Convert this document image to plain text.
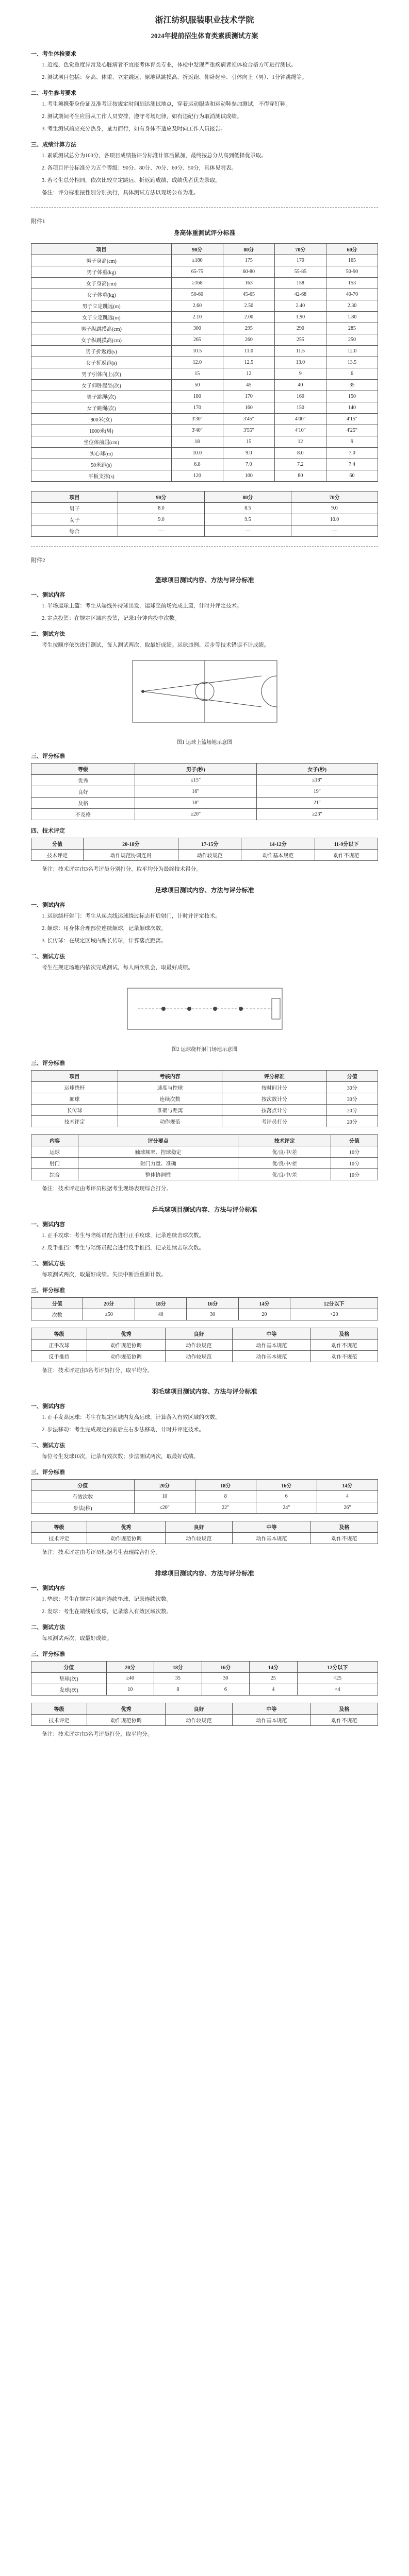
浙江纺织服装职业技术学院
2024年提前招生体育类素质测试方案
一、考生体检要求

1. 近视、色觉重度异常及心脏病者不宜报考体育类专业，体检中发现严重疾病者须体检合格方可进行测试。

2. 测试项目包括：身高、体重、立定跳远、原地纵跳摸高、折返跑、仰卧起坐、引体向上（男）、1分钟跳绳等。

二、考生参考要求

1. 考生须携带身份证及准考证按规定时间到达测试地点，穿着运动服装和运动鞋参加测试，不得穿钉鞋。

2. 测试期间考生应服从工作人员安排，遵守考场纪律，如有违纪行为取消测试成绩。

3. 考生测试前应充分热身，量力而行，如有身体不适应及时向工作人员报告。

三、成绩计算方法

1. 素质测试总分为100分，各项目成绩按评分标准计算后累加，最终按总分从高到低择优录取。

2. 各项目评分标准分为五个等级：90分、80分、70分、60分、50分，具体见附表。

3. 若考生总分相同，依次比较立定跳远、折返跑成绩，成绩优者优先录取。

备注：评分标准按性别分别执行，具体测试方法以现场公布为准。

附件1
身高体重测试评分标准
项目	90分	80分	70分	60分
男子身高(cm)	≥180	175	170	165
男子体重(kg)	65-75	60-80	55-85	50-90
女子身高(cm)	≥168	163	158	153
女子体重(kg)	50-60	45-65	42-68	40-70
男子立定跳远(m)	2.60	2.50	2.40	2.30
女子立定跳远(m)	2.10	2.00	1.90	1.80
男子纵跳摸高(cm)	300	295	290	285
女子纵跳摸高(cm)	265	260	255	250
男子折返跑(s)	10.5	11.0	11.5	12.0
女子折返跑(s)	12.0	12.5	13.0	13.5
男子引体向上(次)	15	12	9	6
女子仰卧起坐(次)	50	45	40	35
男子跳绳(次)	180	170	160	150
女子跳绳(次)	170	160	150	140
800米(女)	3'30"	3'45"	4'00"	4'15"
1000米(男)	3'40"	3'55"	4'10"	4'25"
坐位体前屈(cm)	18	15	12	9
实心球(m)	10.0	9.0	8.0	7.0
50米跑(s)	6.8	7.0	7.2	7.4
平板支撑(s)	120	100	80	60
项目	90分	80分	70分
男子	8.0	8.5	9.0
女子	9.0	9.5	10.0
综合	—	—	—
附件2
篮球项目测试内容、方法与评分标准
一、测试内容

1. 半场运球上篮：考生从端线外持球出发，运球至前场完成上篮，计时并评定技术。

2. 定点投篮：在规定区域内投篮，记录1分钟内投中次数。

二、测试方法

考生按顺序依次进行测试，每人测试两次，取最好成绩。运球违例、走步等技术错误不计成绩。

图1 运球上篮场地示意图
三、评分标准
等级	男子(秒)	女子(秒)
优秀	≤15"	≤18"
良好	16"	19"
及格	18"	21"
不及格	≥20"	≥23"
四、技术评定
分值	20-18分	17-15分	14-12分	11-9分以下
技术评定	动作规范协调连贯	动作较规范	动作基本规范	动作不规范

备注：技术评定由3名考评员分别打分，取平均分为最终技术得分。

足球项目测试内容、方法与评分标准
一、测试内容

1. 运球绕杆射门：考生从起点线运球绕过标志杆后射门，计时并评定技术。

2. 颠球：用身体合理部位连续颠球，记录颠球次数。

3. 长传球：在规定区域内踢长传球，计算落点距离。

二、测试方法

考生在规定场地内依次完成测试，每人两次机会，取最好成绩。

图2 运球绕杆射门场地示意图
三、评分标准
项目	考核内容	评分标准	分值
运球绕杆	速度与控球	按时间计分	30分
颠球	连续次数	按次数计分	30分
长传球	准确与距离	按落点计分	20分
技术评定	动作规范	考评员打分	20分
内容	评分要点	技术评定	分值
运球	触球频率、控球稳定	优/良/中/差	10分
射门	射门力量、准确	优/良/中/差	10分
综合	整体协调性	优/良/中/差	10分

备注：技术评定由考评员根据考生现场表现综合打分。

乒乓球项目测试内容、方法与评分标准
一、测试内容

1. 正手攻球：考生与陪练员配合进行正手攻球，记录连续击球次数。

2. 反手推挡：考生与陪练员配合进行反手推挡，记录连续击球次数。

二、测试方法

每项测试两次，取最好成绩。失误中断后重新计数。

三、评分标准
分值	20分	18分	16分	14分	12分以下
次数	≥50	40	30	20	<20
等级	优秀	良好	中等	及格
正手攻球	动作规范协调	动作较规范	动作基本规范	动作不规范
反手推挡	动作规范协调	动作较规范	动作基本规范	动作不规范

备注：技术评定由3名考评员打分，取平均分。

羽毛球项目测试内容、方法与评分标准
一、测试内容

1. 正手发高远球：考生在规定区域内发高远球，计算落入有效区域的次数。

2. 步法移动：考生完成规定的前后左右步法移动，计时并评定技术。

二、测试方法

每位考生发球10次，记录有效次数；步法测试两次，取最好成绩。

三、评分标准
分值	20分	18分	16分	14分
有效次数	10	8	6	4
步法(秒)	≤20"	22"	24"	26"
等级	优秀	良好	中等	及格
技术评定	动作规范协调	动作较规范	动作基本规范	动作不规范

备注：技术评定由考评员根据考生表现综合打分。

排球项目测试内容、方法与评分标准
一、测试内容

1. 垫球：考生在规定区域内连续垫球，记录连续次数。

2. 发球：考生在端线后发球，记录落入有效区域次数。

二、测试方法

每项测试两次，取最好成绩。

三、评分标准
分值	20分	18分	16分	14分	12分以下
垫球(次)	≥40	35	30	25	<25
发球(次)	10	8	6	4	<4
等级	优秀	良好	中等	及格
技术评定	动作规范协调	动作较规范	动作基本规范	动作不规范

备注：技术评定由3名考评员打分，取平均分。
